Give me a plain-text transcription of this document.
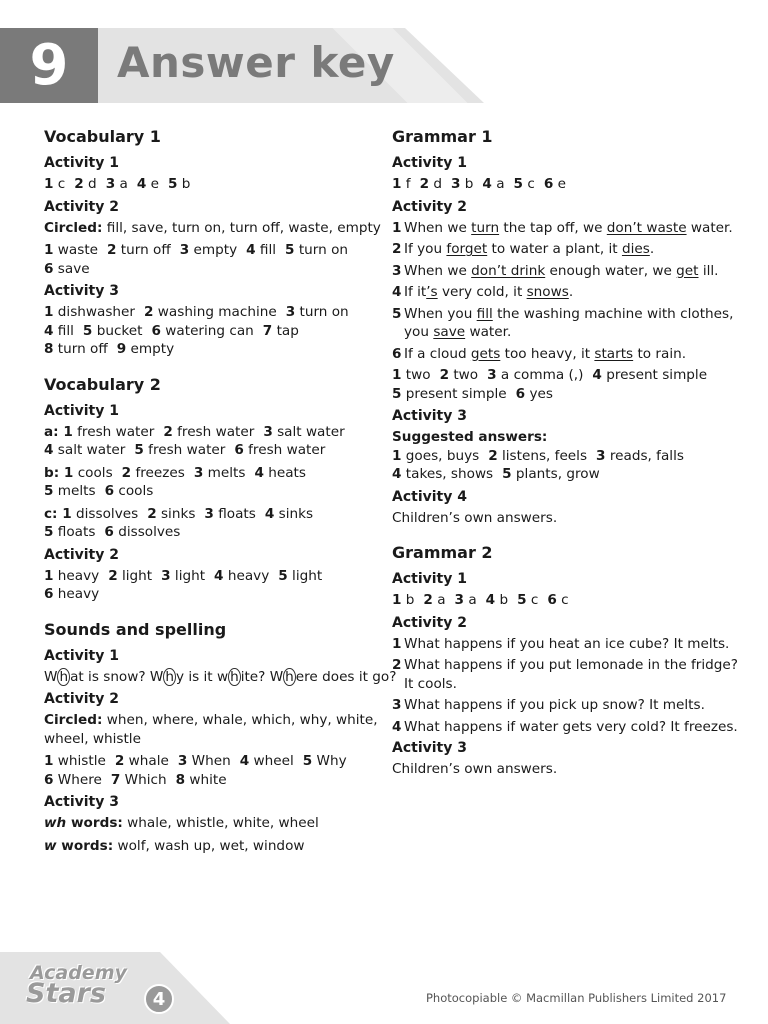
9	Answer key
Vocabulary 1
Activity 1
1 c 2 d 3 a 4 e 5 b
Activity 2
Circled: fill, save, turn on, turn off, waste, empty
1 waste 2 turn off 3 empty 4 fill 5 turn on
6 save
Activity 3
1 dishwasher 2 washing machine 3 turn on
4 fill 5 bucket 6 watering can 7 tap
8 turn off 9 empty
Vocabulary 2
Activity 1
a: 1 fresh water 2 fresh water 3 salt water
4 salt water 5 fresh water 6 fresh water
b: 1 cools 2 freezes 3 melts 4 heats
5 melts 6 cools
c: 1 dissolves 2 sinks 3 floats 4 sinks
5 floats 6 dissolves
Activity 2
1 heavy 2 light 3 light 4 heavy 5 light
6 heavy
Sounds and spelling
Activity 1
W h at is snow? W h y is it w h ite? W h ere does it go?
Activity 2
Circled: when, where, whale, which, why, white, wheel, whistle
1 whistle 2 whale 3 When 4 wheel 5 Why
6 Where 7 Which 8 white
Activity 3
wh words: whale, whistle, white, wheel
w words: wolf, wash up, wet, window
Grammar 1
Activity 1
1 f 2 d 3 b 4 a 5 c 6 e
Activity 2
1 When we turn the tap off, we don’t waste water.
2 If you forget to water a plant, it dies.
3 When we don’t drink enough water, we get ill.
4 If it’s very cold, it snows.
5 When you fill the washing machine with clothes, you save water.
6 If a cloud gets too heavy, it starts to rain.
1 two 2 two 3 a comma (,) 4 present simple
5 present simple 6 yes
Activity 3
Suggested answers:
1 goes, buys 2 listens, feels 3 reads, falls
4 takes, shows 5 plants, grow
Activity 4
Children’s own answers.
Grammar 2
Activity 1
1 b 2 a 3 a 4 b 5 c 6 c
Activity 2
1 What happens if you heat an ice cube? It melts.
2 What happens if you put lemonade in the fridge? It cools.
3 What happens if you pick up snow? It melts.
4 What happens if water gets very cold? It freezes.
Activity 3
Children’s own answers.
Academy
Stars	4	Photocopiable © Macmillan Publishers Limited 2017
